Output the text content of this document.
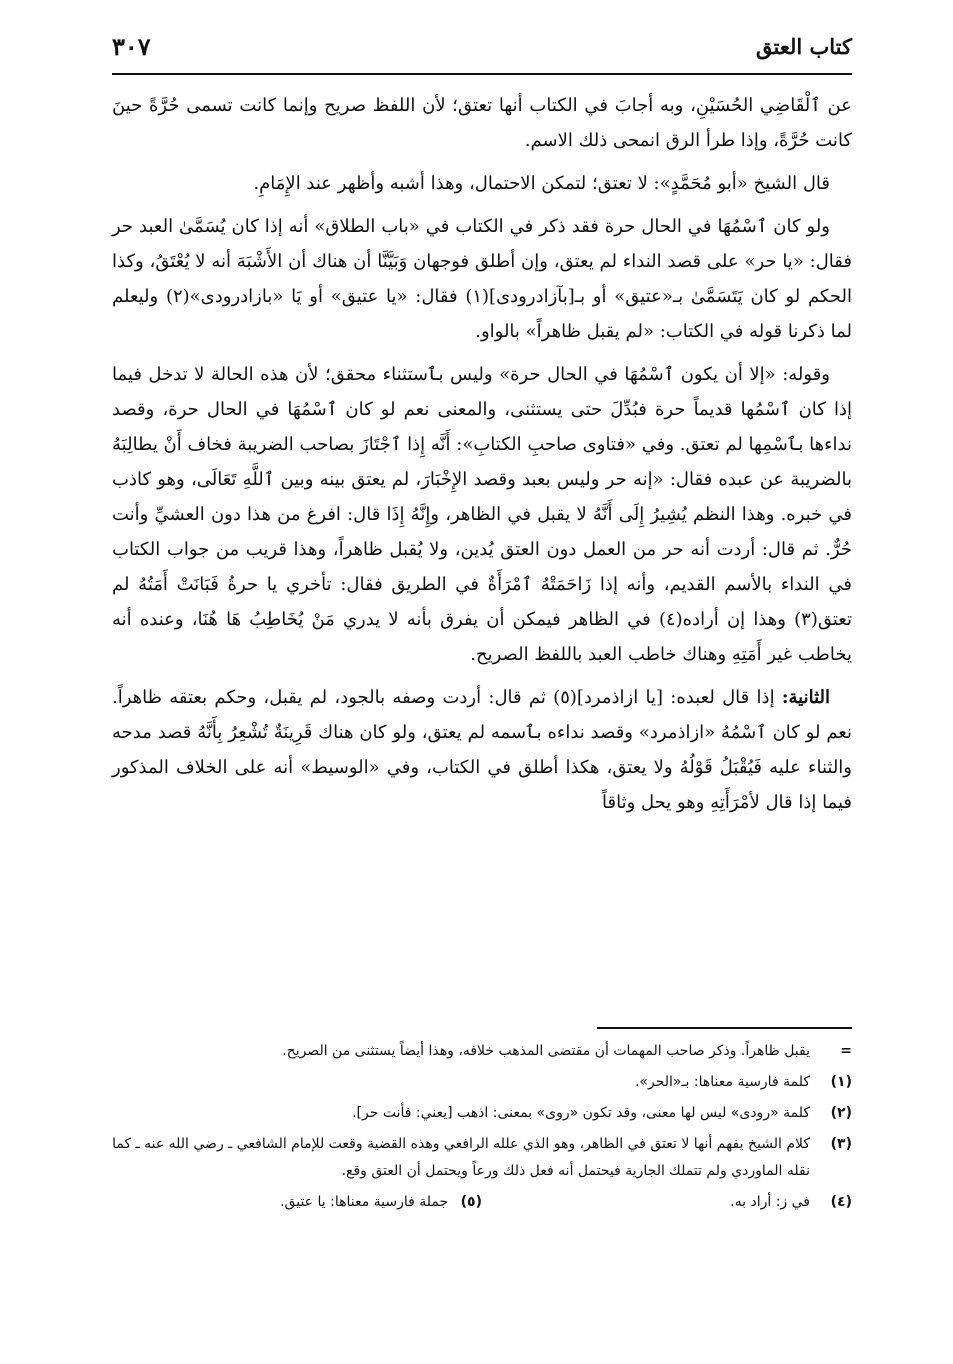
كتاب العتق
٣٠٧

عن ٱلْقَاضِي الحُسَيْنِ، وبه أجابَ في الكتاب أنها تعتق؛ لأن اللفظ صريح وإنما كانت تسمى حُرَّةً حينَ كانت حُرَّةً، وإذا طرأ الرق انمحى ذلك الاسم.

قال الشيخ «أبو مُحَمَّدٍ»: لا تعتق؛ لتمكن الاحتمال، وهذا أشبه وأظهر عند الإِمَامِ.

ولو كان ٱسْمُهَا في الحال حرة فقد ذكر في الكتاب في «باب الطلاق» أنه إذا كان يُسَمَّىٰ العبد حر فقال: «يا حر» على قصد النداء لم يعتق، وإن أطلق فوجهان وَبَيَّنَّا أن هناك أن الأَشْبَهَ أنه لا يُعْتَقُ، وكذا الحكم لو كان يَتَسَمَّىٰ بـ«عتيق» أو بـ[بآزادرودى](١) فقال: «يا عتيق» أو يَا «بازادرودى»(٢) وليعلم لما ذكرنا قوله في الكتاب: «لم يقبل ظاهراً» بالواو.

وقوله: «إلا أن يكون ٱسْمُهَا في الحال حرة» وليس بٱستثناء محقق؛ لأن هذه الحالة لا تدخل فيما إذا كان ٱسْمُها قديماً حرة فبُدِّلَ حتى يستثنى، والمعنى نعم لو كان ٱسْمُهَا في الحال حرة، وقصد نداءها بٱسْمِها لم تعتق. وفي «فتاوى صاحبِ الكتابِ»: أَنَّه إِذا ٱجْتَازَ بصاحب الضريبة فخاف أَنْ يطالِبَهُ بالضريبة عن عبده فقال: «إنه حر وليس بعبد وقصد الإِخْبَارَ، لم يعتق بينه وبين ٱللَّهِ تَعَالَى، وهو كاذب في خبره. وهذا النظم يُشِيرُ إِلَى أَنَّهُ لا يقبل في الظاهر، وإِنَّهُ إِذَا قال: افرغ من هذا دون العشيِّ وأنت حُرٌّ. ثم قال: أردت أنه حر من العمل دون العتق يُدين، ولا يُقبل ظاهراً، وهذا قريب من جواب الكتاب في النداء بالأسم القديم، وأنه إذا زَاحَمَتْهُ ٱمْرَأَةٌ في الطريق فقال: تأخري يا حرةُ فَبَانَتْ أَمَتُهُ لم تعتق(٣) وهذا إن أراده(٤) في الظاهر فيمكن أن يفرق بأنه لا يدري مَنْ يُخَاطِبُ هَا هُنَا، وعنده أنه يخاطب غير أَمَتِهِ وهناك خاطب العبد باللفظ الصريح.

الثانية: إذا قال لعبده: [يا ازاذمرد](٥) ثم قال: أردت وصفه بالجود، لم يقبل، وحكم بعتقه ظاهراً. نعم لو كان ٱسْمُهُ «ازاذمرد» وقصد نداءه بٱسمه لم يعتق، ولو كان هناك قَرِينَةٌ تُشْعِرُ بِأَنَّهُ قصد مدحه والثناء عليه فَيُقْبَلُ قَوْلُهُ ولا يعتق، هكذا أطلق في الكتاب، وفي «الوسيط» أنه على الخلاف المذكور فيما إذا قال لأمْرَأَتِهِ وهو يحل وثاقاً

=
يقبل ظاهراً. وذكر صاحب المهمات أن مقتضى المذهب خلافه، وهذا أيضاً يستثنى من الصريح.
(١)
كلمة فارسية معناها: بـ«الحر».
(٢)
كلمة «رودى» ليس لها معنى، وقد تكون «روى» بمعنى: اذهب [يعني: فأنت حر].
(٣)
كلام الشيخ يفهم أنها لا تعتق في الظاهر، وهو الذي علله الرافعي وهذه القضية وقعت للإمام الشافعي ـ رضي الله عنه ـ كما نقله الماوردي ولم تتملك الجارية فيحتمل أنه فعل ذلك ورعاً ويحتمل أن العتق وقع.
(٤)
في ز: أراد به.
(٥) جملة فارسية معناها: يا عتيق.
